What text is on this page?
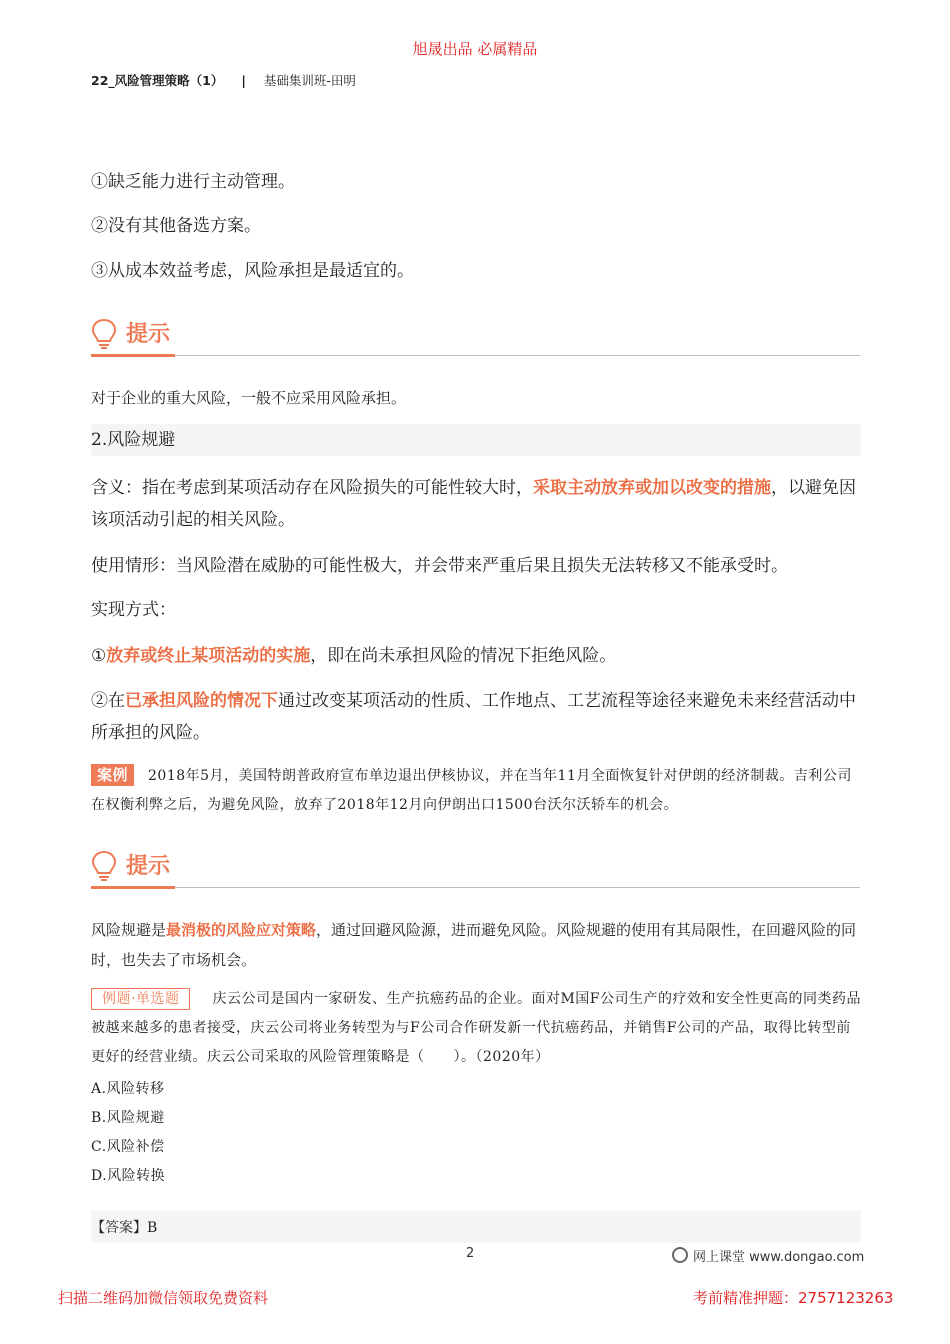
旭晟出品 必属精品
22_风险管理策略（1） | 基础集训班-田明
①缺乏能力进行主动管理。
②没有其他备选方案。
③从成本效益考虑，风险承担是最适宜的。
提示
对于企业的重大风险，一般不应采用风险承担。
2.风险规避
含义：指在考虑到某项活动存在风险损失的可能性较大时，采取主动放弃或加以改变的措施，以避免因该项活动引起的相关风险。
使用情形：当风险潜在威胁的可能性极大，并会带来严重后果且损失无法转移又不能承受时。
实现方式：
①放弃或终止某项活动的实施，即在尚未承担风险的情况下拒绝风险。
②在已承担风险的情况下通过改变某项活动的性质、工作地点、工艺流程等途径来避免未来经营活动中所承担的风险。
案例 2018年5月，美国特朗普政府宣布单边退出伊核协议，并在当年11月全面恢复针对伊朗的经济制裁。吉利公司在权衡利弊之后，为避免风险，放弃了2018年12月向伊朗出口1500台沃尔沃轿车的机会。
提示
风险规避是最消极的风险应对策略，通过回避风险源，进而避免风险。风险规避的使用有其局限性，在回避风险的同时，也失去了市场机会。
例题·单选题 庆云公司是国内一家研发、生产抗癌药品的企业。面对M国F公司生产的疗效和安全性更高的同类药品被越来越多的患者接受，庆云公司将业务转型为与F公司合作研发新一代抗癌药品，并销售F公司的产品，取得比转型前更好的经营业绩。庆云公司采取的风险管理策略是（　　）。（2020年）
A.风险转移
B.风险规避
C.风险补偿
D.风险转换
【答案】B
2	网上课堂 www.dongao.com
扫描二维码加微信领取免费资料	考前精准押题：2757123263
